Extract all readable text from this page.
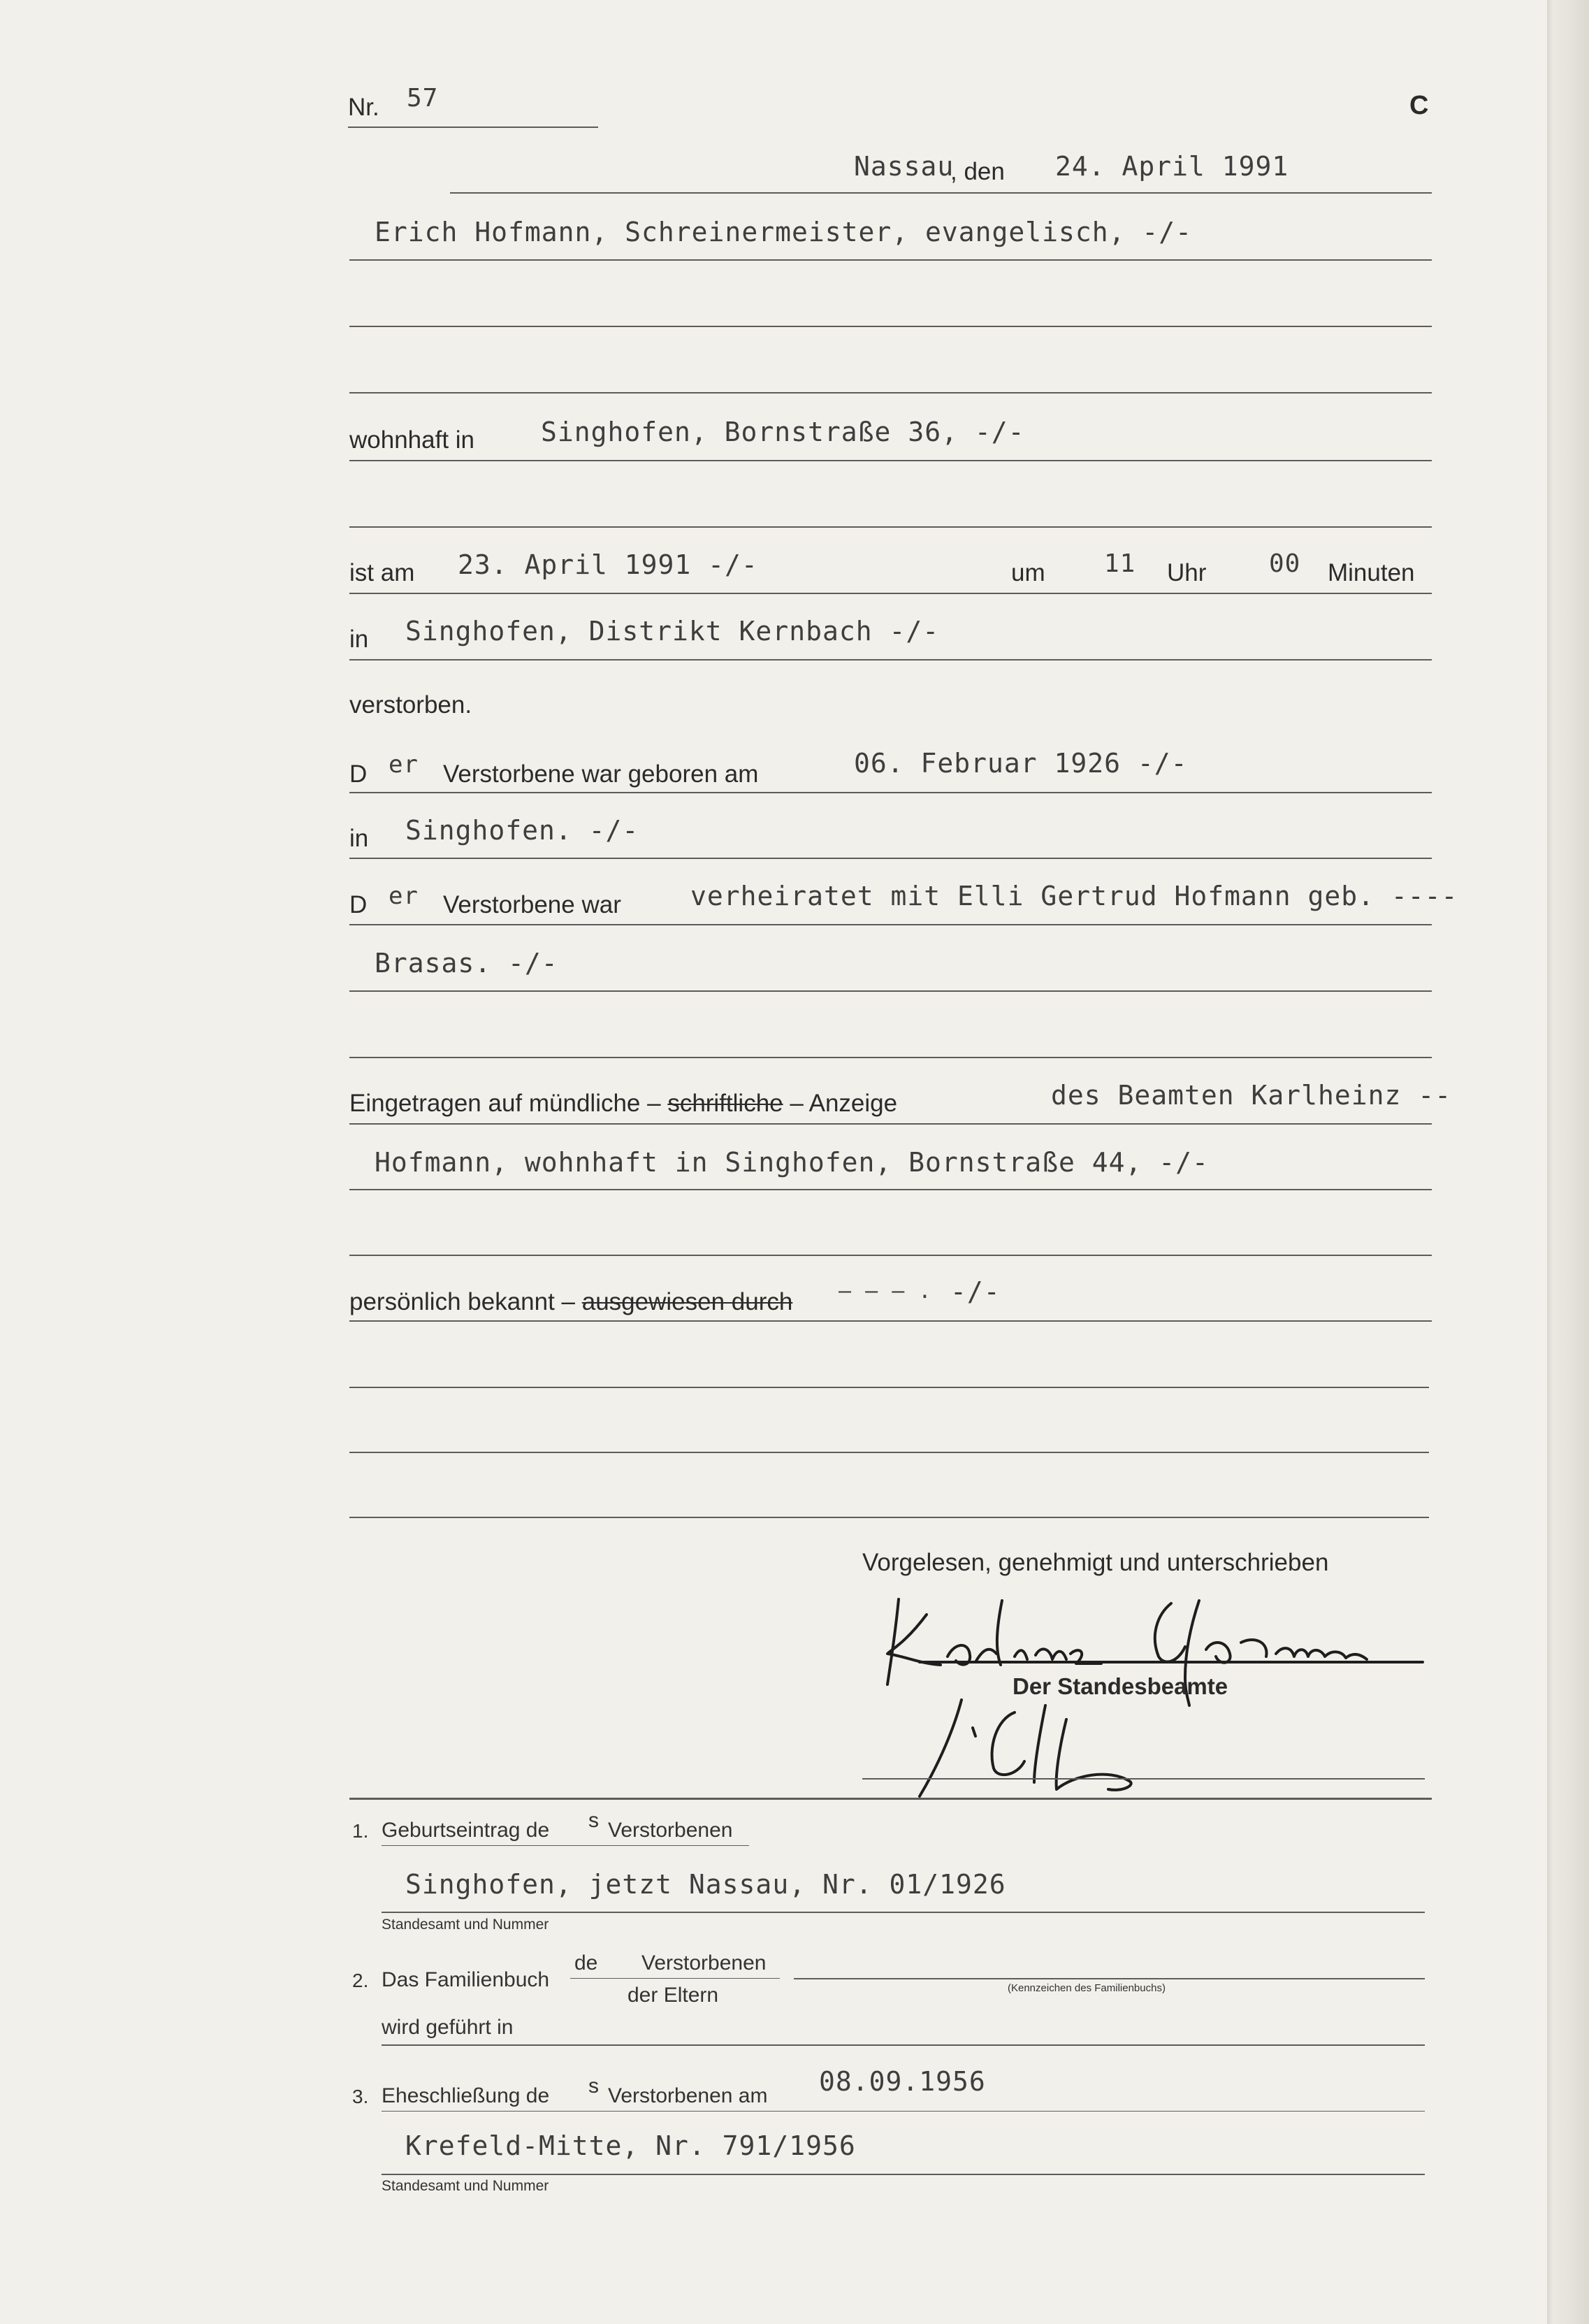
Nr. 57	C
Nassau
, den 24. April 1991
Erich Hofmann, Schreinermeister, evangelisch, -/-
wohnhaft in Singhofen, Bornstraße 36, -/-
ist am 23. April 1991 -/-	um 11 Uhr 00 Minuten
in Singhofen, Distrikt Kernbach -/-
verstorben.
D er Verstorbene war geboren am	06. Februar 1926 -/-
in Singhofen. -/-
D er Verstorbene war	verheiratet mit Elli Gertrud Hofmann geb. ----
Brasas. -/-
Eingetragen auf mündliche – schriftliche – Anzeige	des Beamten Karlheinz --
Hofmann, wohnhaft in Singhofen, Bornstraße 44, -/-
persönlich bekannt – ausgewiesen durch – – – . -/-
Vorgelesen, genehmigt und unterschrieben
Der Standesbeamte
1. Geburtseintrag de s Verstorbenen
Singhofen, jetzt Nassau, Nr. 01/1926
Standesamt und Nummer
2. Das Familienbuch
de Verstorbenen
der Eltern	(Kennzeichen des Familienbuchs)
wird geführt in
3. Eheschließung de s Verstorbenen am 08.09.1956
Krefeld-Mitte, Nr. 791/1956
Standesamt und Nummer
